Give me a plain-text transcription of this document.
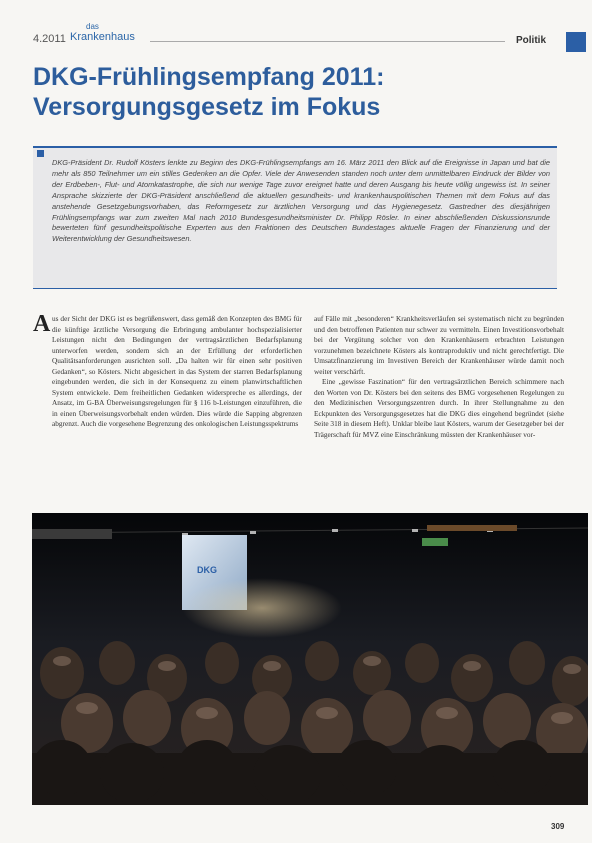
4.2011
das
Krankenhaus	Politik
DKG-Frühlingsempfang 2011:
Versorgungsgesetz im Fokus
DKG-Präsident Dr. Rudolf Kösters lenkte zu Beginn des DKG-Frühlingsempfangs am 16. März 2011 den Blick auf die Ereignisse in Japan und bat die mehr als 850 Teilnehmer um ein stilles Gedenken an die Opfer. Viele der Anwesenden standen noch unter dem unmittelbaren Eindruck der Bilder von der Erdbeben-, Flut- und Atomkatastrophe, die sich nur wenige Tage zuvor ereignet hatte und deren Ausgang bis heute völlig ungewiss ist. In seiner Ansprache skizzierte der DKG-Präsident anschließend die aktuellen gesundheits- und krankenhauspolitischen Themen mit dem Fokus auf das anstehende Gesetzgebungsvorhaben, das Reformgesetz zur ärztlichen Versorgung und das Hygienegesetz. Gastredner des diesjährigen Frühlingsempfangs war zum zweiten Mal nach 2010 Bundesgesundheitsminister Dr. Philipp Rösler. In einer abschließenden Diskussionsrunde bewerteten fünf gesundheitspolitische Experten aus den Fraktionen des Deutschen Bundestages aktuelle Fragen der Finanzierung und der Weiterentwicklung der Gesundheitswesen.
A us der Sicht der DKG ist es begrüßenswert, dass gemäß den Konzepten des BMG für die künftige ärztliche Versorgung die Erbringung ambulanter hochspezialisierter Leistungen nicht den Bedingungen der vertragsärztlichen Bedarfsplanung unterworfen werden, sondern sich an der Erfüllung der erforderlichen Qualitätsanforderungen ausrichten soll. „Da halten wir für einen sehr positiven Gedanken“, so Kösters. Nicht abgesichert in das System der starren Bedarfsplanung eingebunden werden, die sich in der Konsequenz zu einem planwirtschaftlichen System entwickele. Dem freiheitlichen Gedanken widerspreche es allerdings, der Ansatz, im G-BA Überweisungsregelungen für § 116 b-Leistungen einzuführen, die in einen Überweisungsvorbehalt enden würden. Dies würde die Sapping abgrenzen abgrenzt. Auch die vorgesehene Begrenzung des onkologischen Leistungsspektrums

auf Fälle mit „besonderen“ Krankheitsverläufen sei systematisch nicht zu begründen und den betroffenen Patienten nur schwer zu vermitteln. Einen Investitionsvorbehalt bei der Vergütung solcher von den Krankenhäusern erbrachten Leistungen vorzunehmen bezeichnete Kösters als kontraproduktiv und nicht gerechtfertigt. Die Umsatzfinanzierung im Investiven Bereich der Krankenhäuser würde damit noch weiter verschärft.

Eine „gewisse Faszination“ für den vertragsärztlichen Bereich schimmere nach den Worten von Dr. Kösters bei den seitens des BMG vorgesehenen Regelungen zu den Medizinischen Versorgungszentren durch. In ihrer Stellungnahme zu den Eckpunkten des Versorgungsgesetzes hat die DKG dies eingehend begründet (siehe Seite 318 in diesem Heft). Unklar bleibe laut Kösters, warum der Gesetzgeber bei der Trägerschaft für MVZ eine Einschränkung müssten der Krankenhäuser vor-

DKG
309
